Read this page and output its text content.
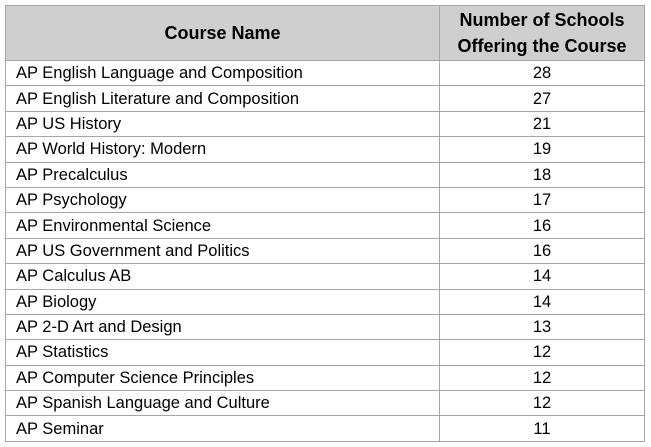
Course Name	Number of Schools Offering the Course
AP English Language and Composition	28
AP English Literature and Composition	27
AP US History	21
AP World History: Modern	19
AP Precalculus	18
AP Psychology	17
AP Environmental Science	16
AP US Government and Politics	16
AP Calculus AB	14
AP Biology	14
AP 2-D Art and Design	13
AP Statistics	12
AP Computer Science Principles	12
AP Spanish Language and Culture	12
AP Seminar	11
